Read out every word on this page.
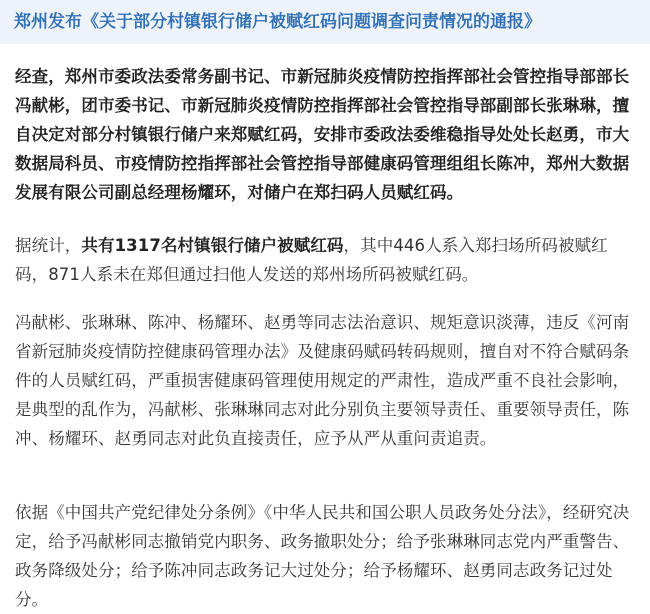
郑州发布《关于部分村镇银行储户被赋红码问题调查问责情况的通报》

经查，郑州市委政法委常务副书记、市新冠肺炎疫情防控指挥部社会管控指导部部长冯献彬，团市委书记、市新冠肺炎疫情防控指挥部社会管控指导部副部长张琳琳，擅自决定对部分村镇银行储户来郑赋红码，安排市委政法委维稳指导处处长赵勇，市大数据局科员、市疫情防控指挥部社会管控指导部健康码管理组组长陈冲，郑州大数据发展有限公司副总经理杨耀环，对储户在郑扫码人员赋红码。

据统计，共有1317名村镇银行储户被赋红码，其中446人系入郑扫场所码被赋红码，871人系未在郑但通过扫他人发送的郑州场所码被赋红码。

冯献彬、张琳琳、陈冲、杨耀环、赵勇等同志法治意识、规矩意识淡薄，违反《河南省新冠肺炎疫情防控健康码管理办法》及健康码赋码转码规则，擅自对不符合赋码条件的人员赋红码，严重损害健康码管理使用规定的严肃性，造成严重不良社会影响，是典型的乱作为，冯献彬、张琳琳同志对此分别负主要领导责任、重要领导责任，陈冲、杨耀环、赵勇同志对此负直接责任，应予从严从重问责追责。

依据《中国共产党纪律处分条例》《中华人民共和国公职人员政务处分法》，经研究决定，给予冯献彬同志撤销党内职务、政务撤职处分；给予张琳琳同志党内严重警告、政务降级处分；给予陈冲同志政务记大过处分；给予杨耀环、赵勇同志政务记过处分。
